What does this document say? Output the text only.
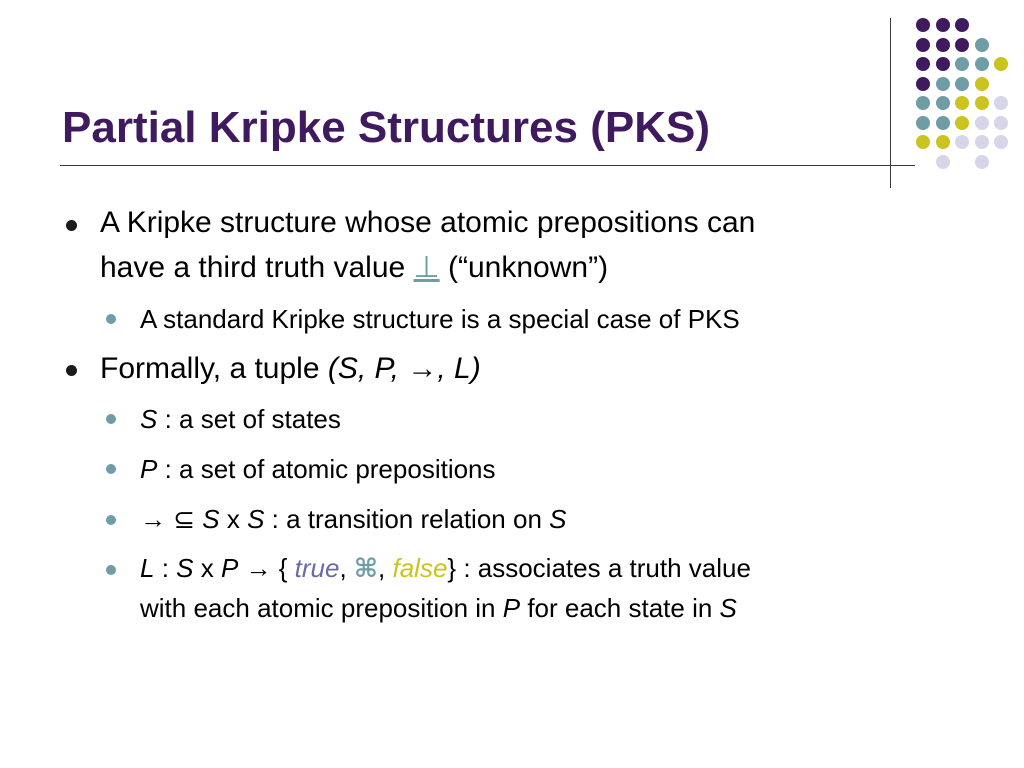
Partial Kripke Structures (PKS)

A Kripke structure whose atomic prepositions can
have a third truth value ⊥ (“unknown”)

A standard Kripke structure is a special case of PKS

Formally, a tuple (S, P, →, L)

S : a set of states

P : a set of atomic prepositions

→ ⊆ S x S : a transition relation on S

L : S x P → { true, ⌘, false} : associates a truth value
with each atomic preposition in P for each state in S
